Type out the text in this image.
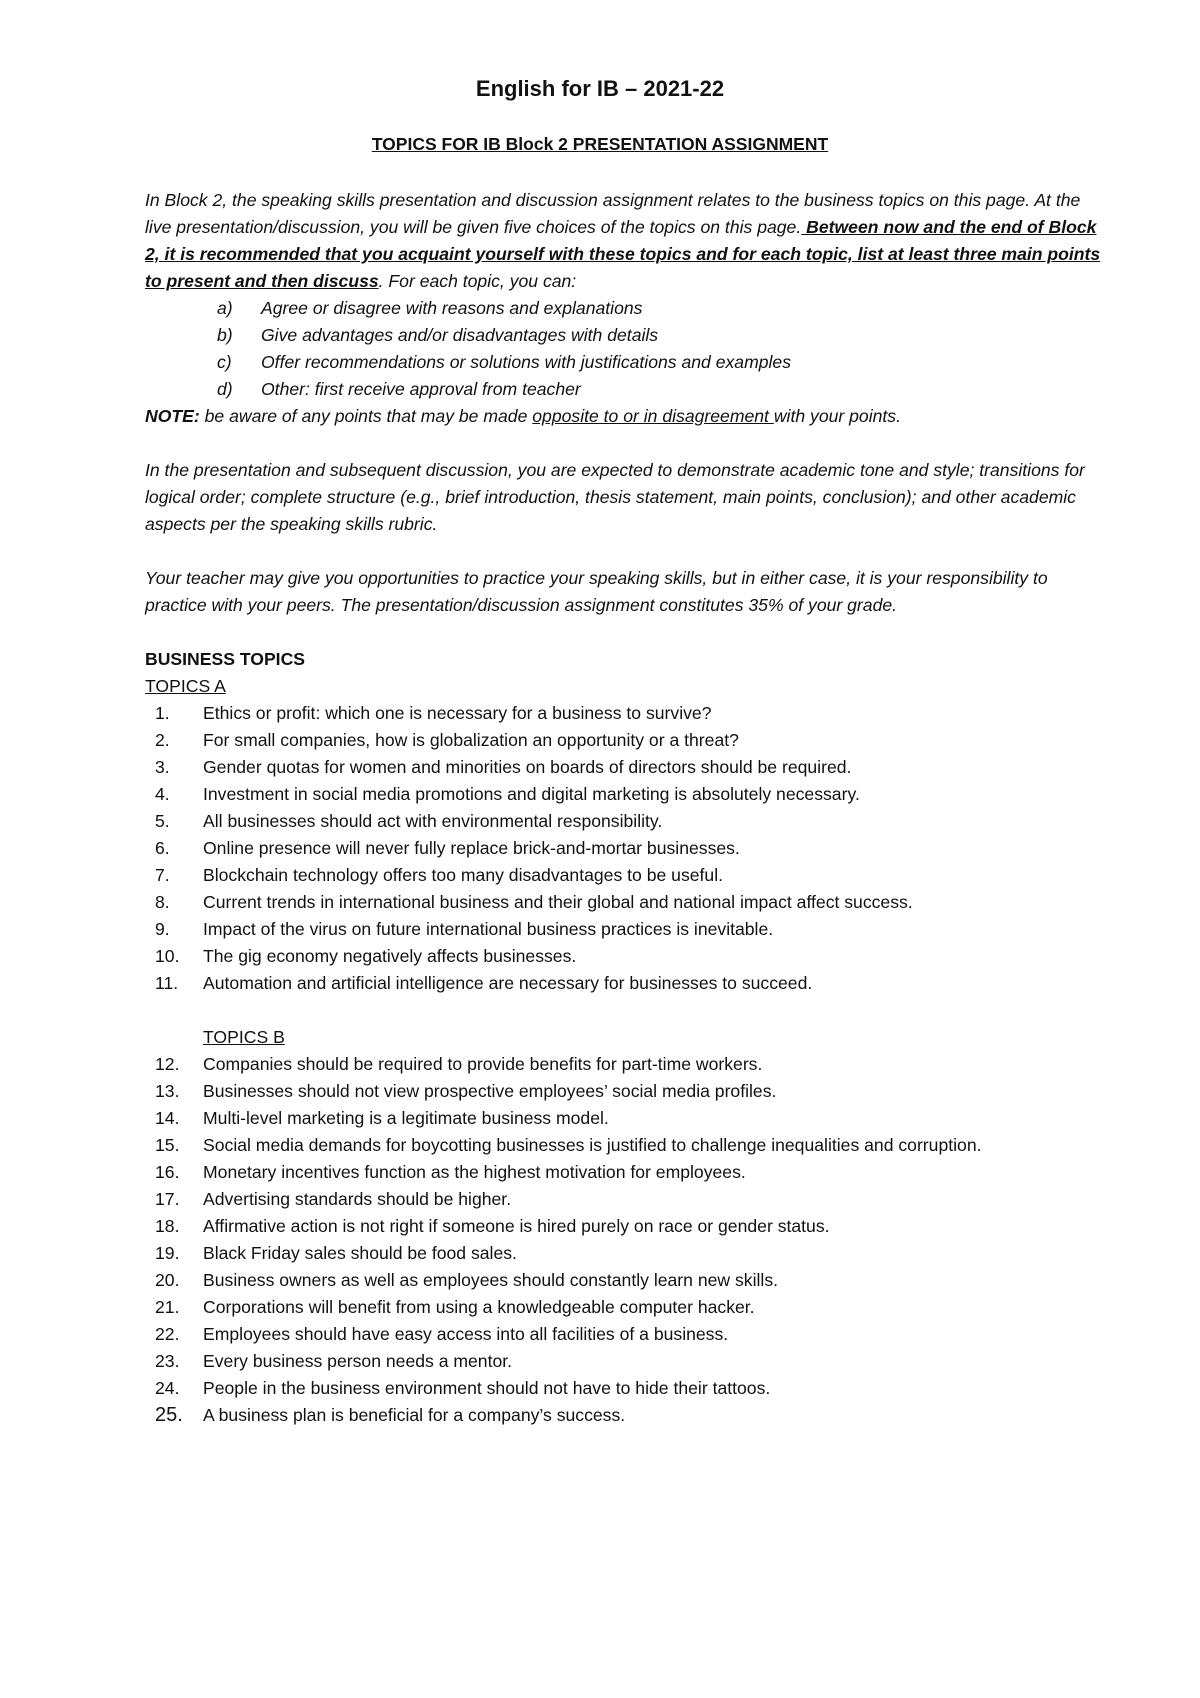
English for IB – 2021-22
TOPICS FOR IB Block 2 PRESENTATION ASSIGNMENT

In Block 2, the speaking skills presentation and discussion assignment relates to the business topics on this page. At the live presentation/discussion, you will be given five choices of the topics on this page. Between now and the end of Block 2, it is recommended that you acquaint yourself with these topics and for each topic, list at least three main points to present and then discuss. For each topic, you can:

a)	Agree or disagree with reasons and explanations
b)	Give advantages and/or disadvantages with details
c)	Offer recommendations or solutions with justifications and examples
d)	Other: first receive approval from teacher

NOTE: be aware of any points that may be made opposite to or in disagreement with your points.

In the presentation and subsequent discussion, you are expected to demonstrate academic tone and style; transitions for logical order; complete structure (e.g., brief introduction, thesis statement, main points, conclusion); and other academic aspects per the speaking skills rubric.

Your teacher may give you opportunities to practice your speaking skills, but in either case, it is your responsibility to practice with your peers. The presentation/discussion assignment constitutes 35% of your grade.

BUSINESS TOPICS

TOPICS A

1.	Ethics or profit: which one is necessary for a business to survive?
2.	For small companies, how is globalization an opportunity or a threat?
3.	Gender quotas for women and minorities on boards of directors should be required.
4.	Investment in social media promotions and digital marketing is absolutely necessary.
5.	All businesses should act with environmental responsibility.
6.	Online presence will never fully replace brick-and-mortar businesses.
7.	Blockchain technology offers too many disadvantages to be useful.
8.	Current trends in international business and their global and national impact affect success.
9.	Impact of the virus on future international business practices is inevitable.
10.	The gig economy negatively affects businesses.
11.	Automation and artificial intelligence are necessary for businesses to succeed.

TOPICS B

12.	Companies should be required to provide benefits for part-time workers.
13.	Businesses should not view prospective employees’ social media profiles.
14.	Multi-level marketing is a legitimate business model.
15.	Social media demands for boycotting businesses is justified to challenge inequalities and corruption.
16.	Monetary incentives function as the highest motivation for employees.
17.	Advertising standards should be higher.
18.	Affirmative action is not right if someone is hired purely on race or gender status.
19.	Black Friday sales should be food sales.
20.	Business owners as well as employees should constantly learn new skills.
21.	Corporations will benefit from using a knowledgeable computer hacker.
22.	Employees should have easy access into all facilities of a business.
23.	Every business person needs a mentor.
24.	People in the business environment should not have to hide their tattoos.
25.	A business plan is beneficial for a company’s success.
